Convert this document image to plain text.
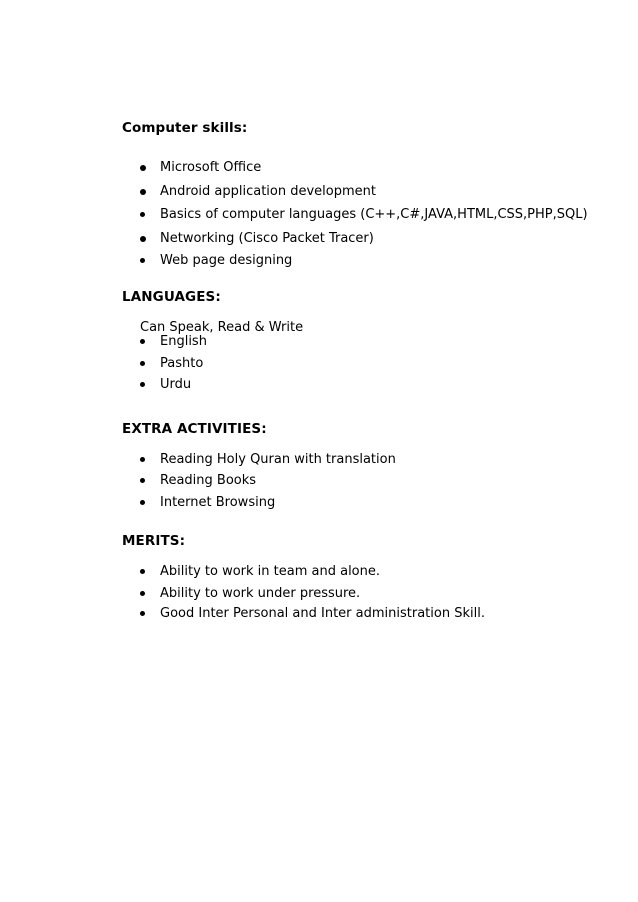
Computer skills:
Microsoft Office
Android application development
Basics of computer languages (C++,C#,JAVA,HTML,CSS,PHP,SQL)
Networking (Cisco Packet Tracer)
Web page designing
LANGUAGES:
Can Speak, Read & Write
English
Pashto
Urdu
EXTRA ACTIVITIES:
Reading Holy Quran with translation
Reading Books
Internet Browsing
MERITS:
Ability to work in team and alone.
Ability to work under pressure.
Good Inter Personal and Inter administration Skill.
